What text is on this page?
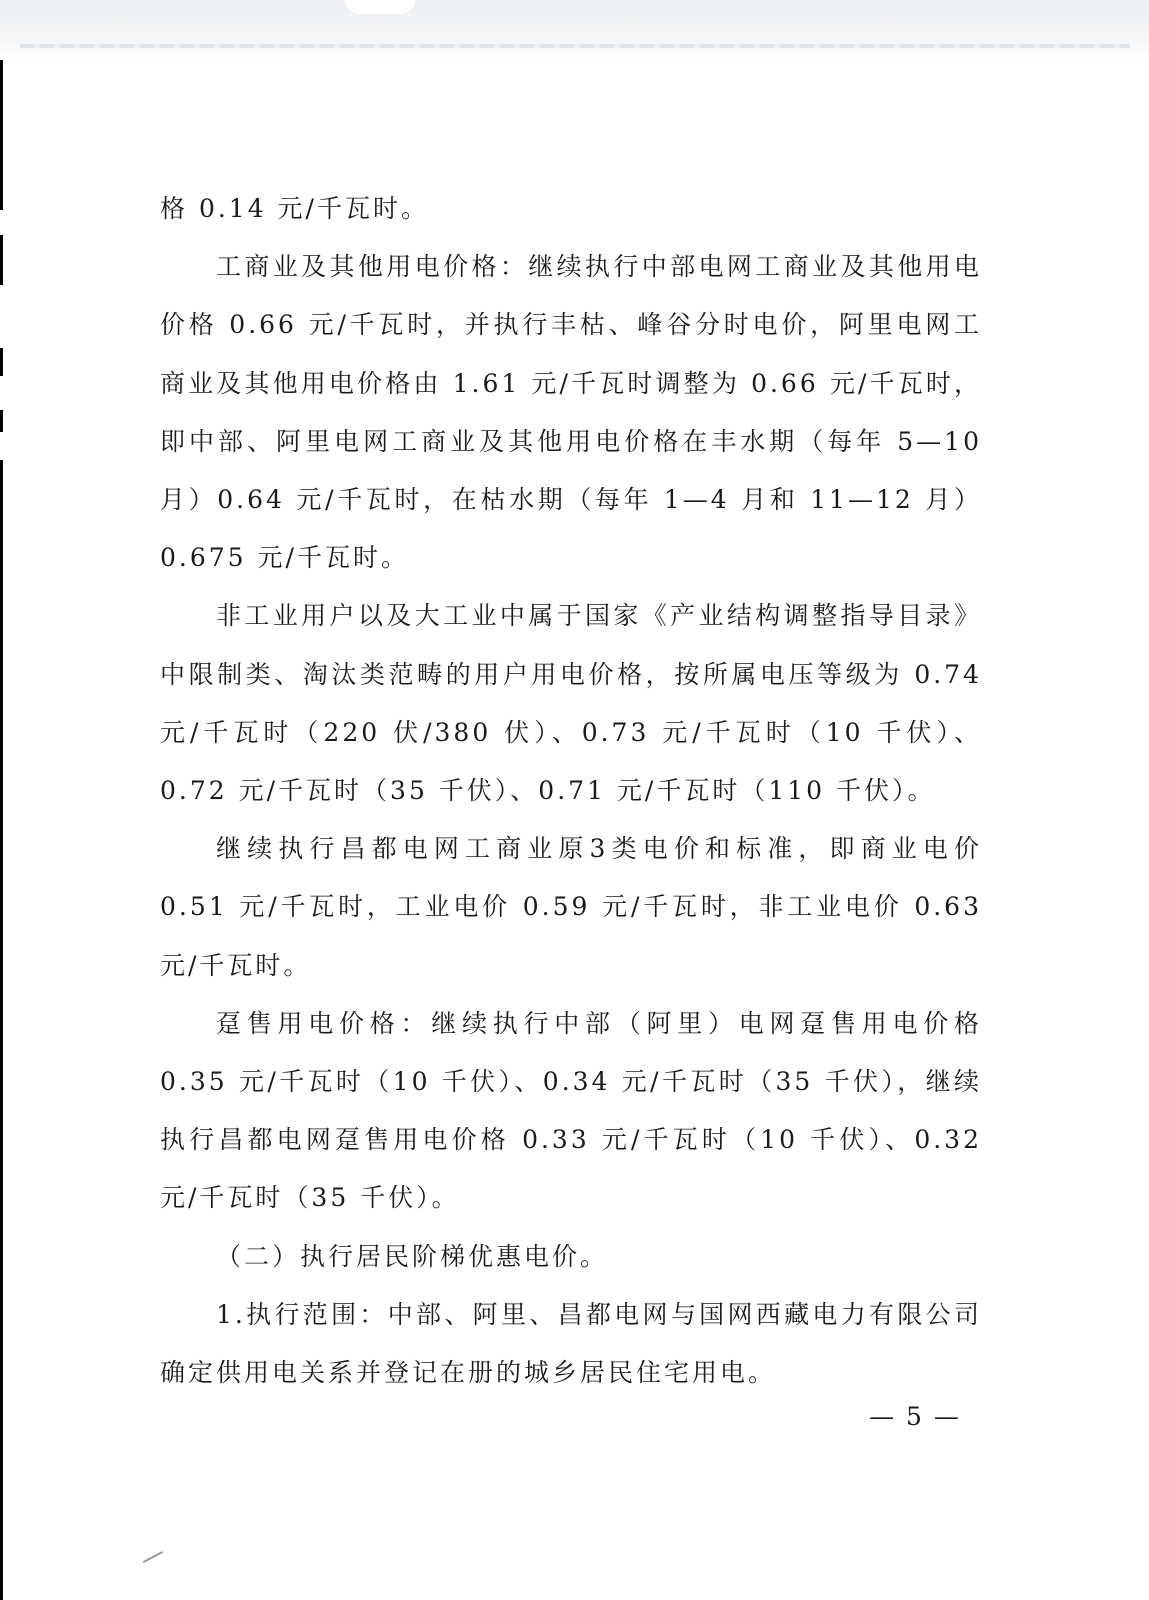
格 0.14 元/千瓦时。

工商业及其他用电价格：继续执行中部电网工商业及其他用电价格 0.66 元/千瓦时，并执行丰枯、峰谷分时电价，阿里电网工商业及其他用电价格由 1.61 元/千瓦时调整为 0.66 元/千瓦时，即中部、阿里电网工商业及其他用电价格在丰水期（每年 5—10 月）0.64 元/千瓦时，在枯水期（每年 1—4 月和 11—12 月）0.675 元/千瓦时。

非工业用户以及大工业中属于国家《产业结构调整指导目录》中限制类、淘汰类范畴的用户用电价格，按所属电压等级为 0.74 元/千瓦时（220 伏/380 伏）、0.73 元/千瓦时（10 千伏）、0.72 元/千瓦时（35 千伏）、0.71 元/千瓦时（110 千伏）。

继续执行昌都电网工商业原3类电价和标准，即商业电价 0.51 元/千瓦时，工业电价 0.59 元/千瓦时，非工业电价 0.63 元/千瓦时。

趸售用电价格：继续执行中部（阿里）电网趸售用电价格 0.35 元/千瓦时（10 千伏）、0.34 元/千瓦时（35 千伏），继续执行昌都电网趸售用电价格 0.33 元/千瓦时（10 千伏）、0.32 元/千瓦时（35 千伏）。

（二）执行居民阶梯优惠电价。

1.执行范围：中部、阿里、昌都电网与国网西藏电力有限公司确定供用电关系并登记在册的城乡居民住宅用电。

— 5 —
